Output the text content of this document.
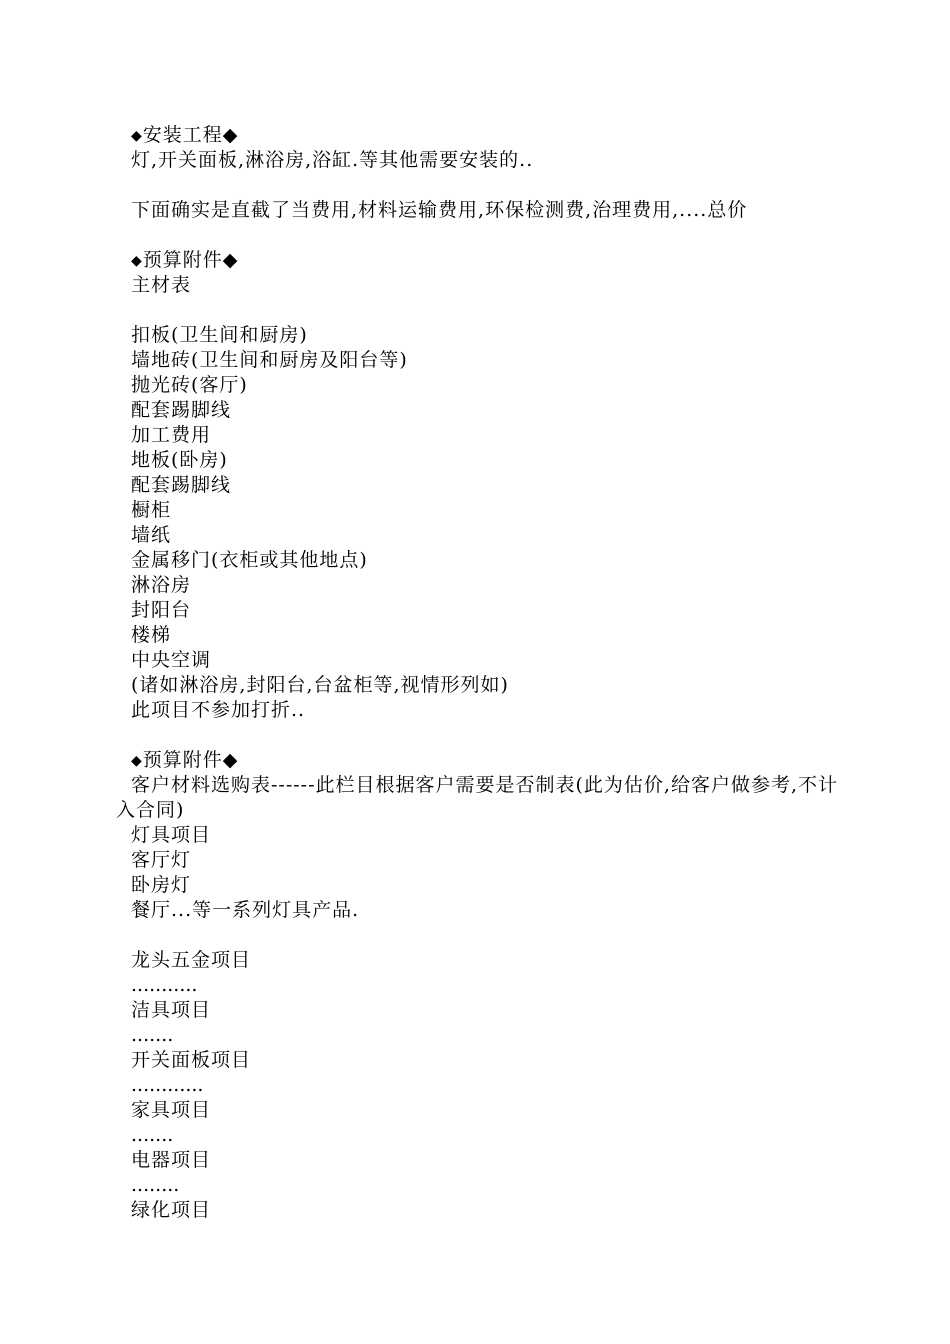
◆安装工程◆
灯,开关面板,淋浴房,浴缸.等其他需要安装的..
下面确实是直截了当费用,材料运输费用,环保检测费,治理费用,....总价
◆预算附件◆
主材表
扣板(卫生间和厨房)
墙地砖(卫生间和厨房及阳台等)
抛光砖(客厅)
配套踢脚线
加工费用
地板(卧房)
配套踢脚线
橱柜
墙纸
金属移门(衣柜或其他地点)
淋浴房
封阳台
楼梯
中央空调
(诸如淋浴房,封阳台,台盆柜等,视情形列如)
此项目不参加打折..
◆预算附件◆
客户材料选购表------此栏目根据客户需要是否制表(此为估价,给客户做参考,不计入合同)
灯具项目
客厅灯
卧房灯
餐厅...等一系列灯具产品.
龙头五金项目
...........
洁具项目
.......
开关面板项目
............
家具项目
.......
电器项目
........
绿化项目
